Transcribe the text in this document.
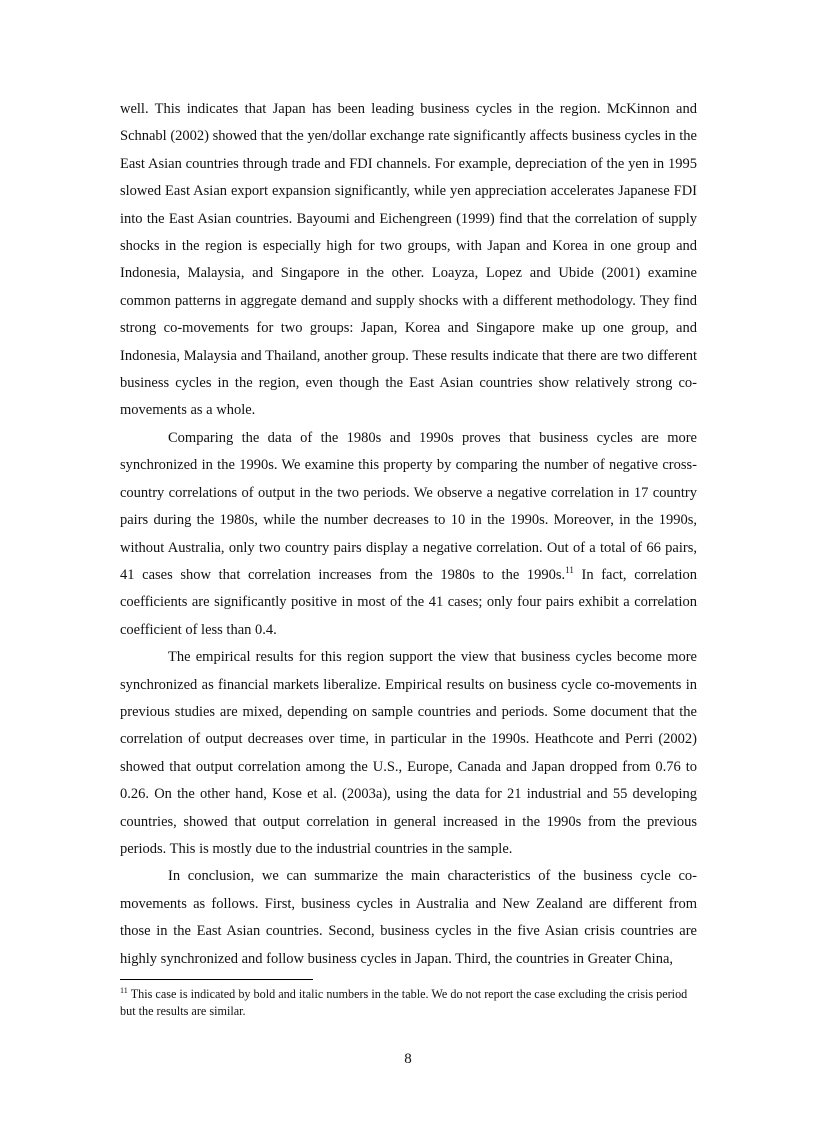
well. This indicates that Japan has been leading business cycles in the region. McKinnon and Schnabl (2002) showed that the yen/dollar exchange rate significantly affects business cycles in the East Asian countries through trade and FDI channels. For example, depreciation of the yen in 1995 slowed East Asian export expansion significantly, while yen appreciation accelerates Japanese FDI into the East Asian countries. Bayoumi and Eichengreen (1999) find that the correlation of supply shocks in the region is especially high for two groups, with Japan and Korea in one group and Indonesia, Malaysia, and Singapore in the other. Loayza, Lopez and Ubide (2001) examine common patterns in aggregate demand and supply shocks with a different methodology. They find strong co-movements for two groups: Japan, Korea and Singapore make up one group, and Indonesia, Malaysia and Thailand, another group. These results indicate that there are two different business cycles in the region, even though the East Asian countries show relatively strong co-movements as a whole.

Comparing the data of the 1980s and 1990s proves that business cycles are more synchronized in the 1990s. We examine this property by comparing the number of negative cross-country correlations of output in the two periods. We observe a negative correlation in 17 country pairs during the 1980s, while the number decreases to 10 in the 1990s. Moreover, in the 1990s, without Australia, only two country pairs display a negative correlation. Out of a total of 66 pairs, 41 cases show that correlation increases from the 1980s to the 1990s.$^{11}$ In fact, correlation coefficients are significantly positive in most of the 41 cases; only four pairs exhibit a correlation coefficient of less than 0.4.

The empirical results for this region support the view that business cycles become more synchronized as financial markets liberalize. Empirical results on business cycle co-movements in previous studies are mixed, depending on sample countries and periods. Some document that the correlation of output decreases over time, in particular in the 1990s. Heathcote and Perri (2002) showed that output correlation among the U.S., Europe, Canada and Japan dropped from 0.76 to 0.26. On the other hand, Kose et al. (2003a), using the data for 21 industrial and 55 developing countries, showed that output correlation in general increased in the 1990s from the previous periods. This is mostly due to the industrial countries in the sample.

In conclusion, we can summarize the main characteristics of the business cycle co-movements as follows. First, business cycles in Australia and New Zealand are different from those in the East Asian countries. Second, business cycles in the five Asian crisis countries are highly synchronized and follow business cycles in Japan. Third, the countries in Greater China,

$^{11}$ This case is indicated by bold and italic numbers in the table. We do not report the case excluding the crisis period but the results are similar.
8
